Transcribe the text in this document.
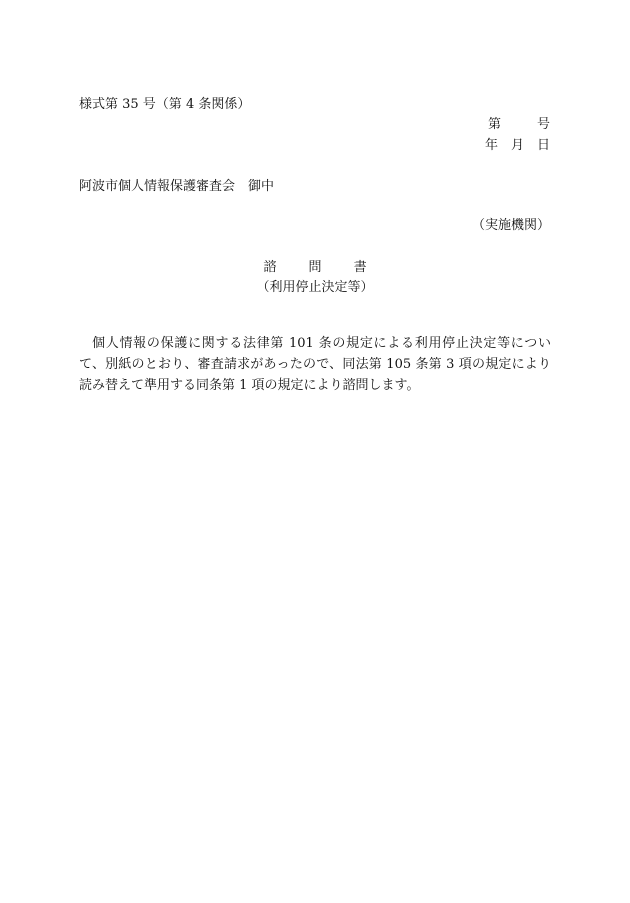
様式第 35 号（第 4 条関係）
第	号
年 月 日
阿波市個人情報保護審査会　御中
（実施機関）
諮 問 書
（利用停止決定等）
個人情報の保護に関する法律第 101 条の規定による利用停止決定等について、別紙のとおり、審査請求があったので、同法第 105 条第 3 項の規定により読み替えて準用する同条第 1 項の規定により諮問します。
